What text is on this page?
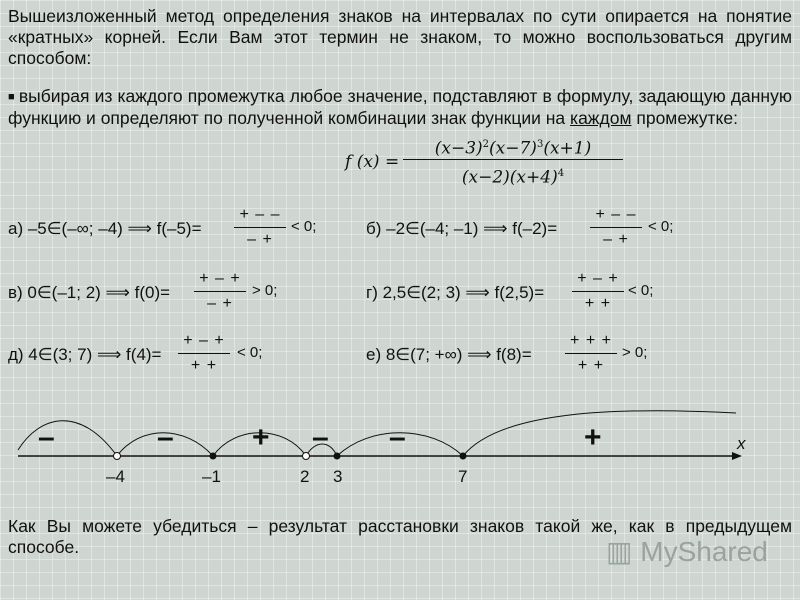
Вышеизложенный метод определения знаков на интервалах по сути опирается на понятие «кратных» корней. Если Вам этот термин не знаком, то можно воспользоваться другим способом:
■ выбирая из каждого промежутка любое значение, подставляют в формулу, задающую данную функцию и определяют по полученной комбинации знак функции на каждом промежутке:
f (x) =
$(x-3)^2(x-7)^3(x+1)$
$(x-2)(x+4)^4$
а) –5∈(–∞; –4) ⟹ f(–5)=
+ – –
– +
< 0;	б) –2∈(–4; –1) ⟹ f(–2)=
+ – –
– +
< 0;
в) 0∈(–1; 2) ⟹ f(0)=
+ – +
– +
> 0;	г) 2,5∈(2; 3) ⟹ f(2,5)=
+ – +
+ +
< 0;
д) 4∈(3; 7) ⟹ f(4)=
+ – +
+ +
< 0;	е) 8∈(7; +∞) ⟹ f(8)=
+ + +
+ +
> 0;
x
–4	–1	2 3	7
–	–	+ – –	+
Как Вы можете убедиться – результат расстановки знаков такой же, как в предыдущем способе.	▥ MyShared
